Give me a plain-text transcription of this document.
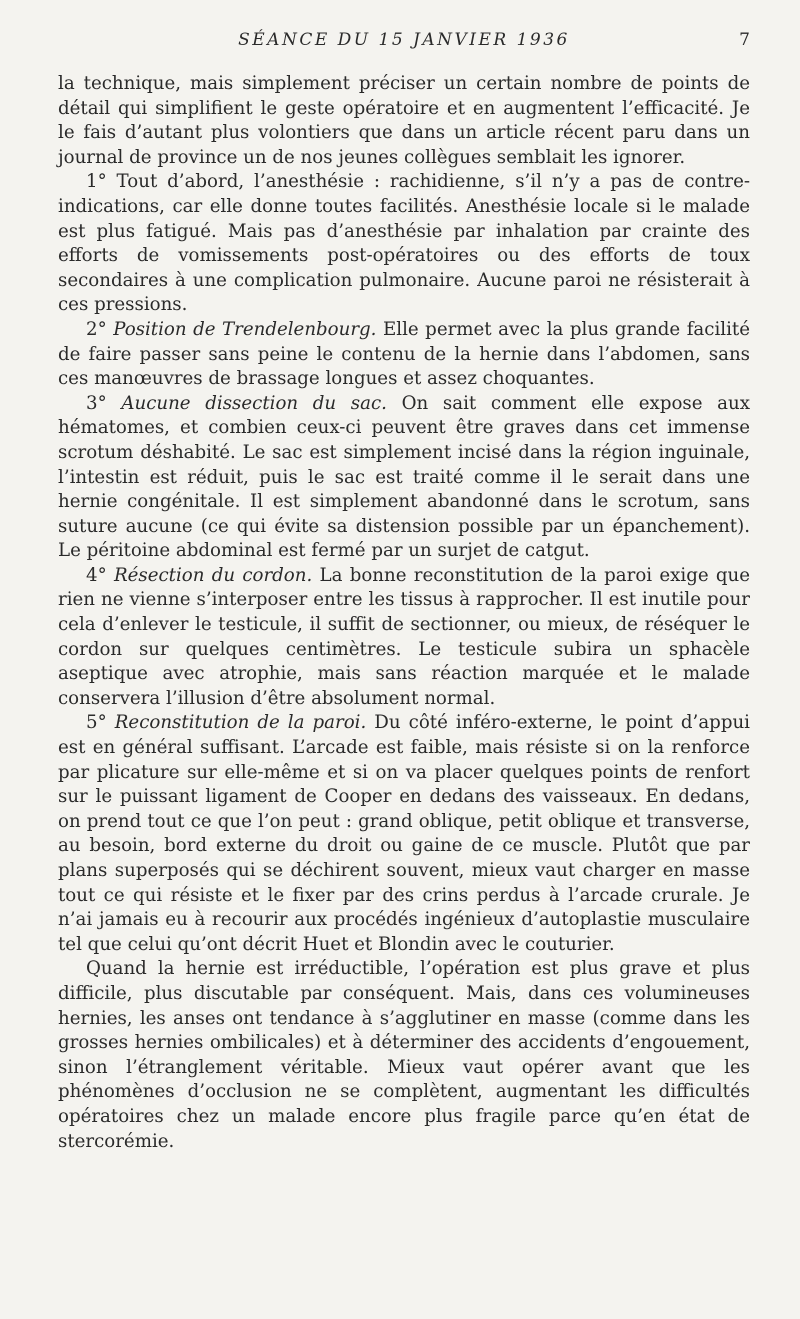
SÉANCE DU 15 JANVIER 1936	7

la technique, mais simplement préciser un certain nombre de points de détail qui simplifient le geste opératoire et en augmentent l’efficacité. Je le fais d’autant plus volontiers que dans un article récent paru dans un journal de province un de nos jeunes collègues semblait les ignorer.

1° Tout d’abord, l’anesthésie : rachidienne, s’il n’y a pas de contre-indications, car elle donne toutes facilités. Anesthésie locale si le malade est plus fatigué. Mais pas d’anesthésie par inhalation par crainte des efforts de vomissements post-opératoires ou des efforts de toux secondaires à une complication pulmonaire. Aucune paroi ne résisterait à ces pressions.

2° Position de Trendelenbourg. Elle permet avec la plus grande facilité de faire passer sans peine le contenu de la hernie dans l’abdomen, sans ces manœuvres de brassage longues et assez choquantes.

3° Aucune dissection du sac. On sait comment elle expose aux hématomes, et combien ceux-ci peuvent être graves dans cet immense scrotum déshabité. Le sac est simplement incisé dans la région inguinale, l’intestin est réduit, puis le sac est traité comme il le serait dans une hernie congénitale. Il est simplement abandonné dans le scrotum, sans suture aucune (ce qui évite sa distension possible par un épanchement). Le péritoine abdominal est fermé par un surjet de catgut.

4° Résection du cordon. La bonne reconstitution de la paroi exige que rien ne vienne s’interposer entre les tissus à rapprocher. Il est inutile pour cela d’enlever le testicule, il suffit de sectionner, ou mieux, de réséquer le cordon sur quelques centimètres. Le testicule subira un sphacèle aseptique avec atrophie, mais sans réaction marquée et le malade conservera l’illusion d’être absolument normal.

5° Reconstitution de la paroi. Du côté inféro-externe, le point d’appui est en général suffisant. L’arcade est faible, mais résiste si on la renforce par plicature sur elle-même et si on va placer quelques points de renfort sur le puissant ligament de Cooper en dedans des vaisseaux. En dedans, on prend tout ce que l’on peut : grand oblique, petit oblique et transverse, au besoin, bord externe du droit ou gaine de ce muscle. Plutôt que par plans superposés qui se déchirent souvent, mieux vaut charger en masse tout ce qui résiste et le fixer par des crins perdus à l’arcade crurale. Je n’ai jamais eu à recourir aux procédés ingénieux d’autoplastie musculaire tel que celui qu’ont décrit Huet et Blondin avec le couturier.

Quand la hernie est irréductible, l’opération est plus grave et plus difficile, plus discutable par conséquent. Mais, dans ces volumineuses hernies, les anses ont tendance à s’agglutiner en masse (comme dans les grosses hernies ombilicales) et à déterminer des accidents d’engouement, sinon l’étranglement véritable. Mieux vaut opérer avant que les phénomènes d’occlusion ne se complètent, augmentant les difficultés opératoires chez un malade encore plus fragile parce qu’en état de stercorémie.
